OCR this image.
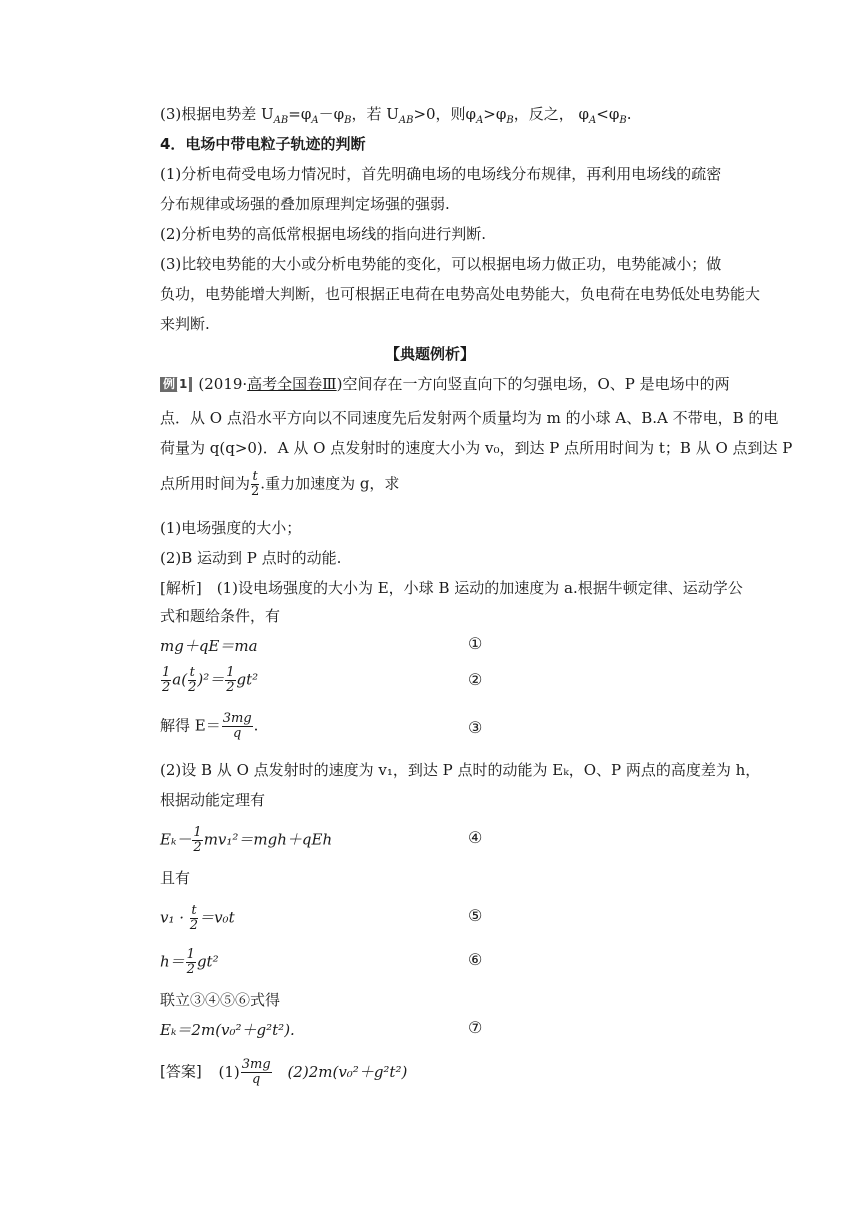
(3)根据电势差 $U_{AB}=\varphi_A-\varphi_B$，若 $U_{AB}>0$，则$\varphi_A>\varphi_B$，反之， $\varphi_A<\varphi_B$.
4．电场中带电粒子轨迹的判断
(1)分析电荷受电场力情况时，首先明确电场的电场线分布规律，再利用电场线的疏密
分布规律或场强的叠加原理判定场强的强弱.
(2)分析电势的高低常根据电场线的指向进行判断.
(3)比较电势能的大小或分析电势能的变化，可以根据电场力做正功，电势能减小；做
负功，电势能增大判断，也可根据正电荷在电势高处电势能大，负电荷在电势低处电势能大
来判断.
【典题例析】
例 1 (2019·高考全国卷Ⅲ)空间存在一方向竖直向下的匀强电场，O、P 是电场中的两
点．从 O 点沿水平方向以不同速度先后发射两个质量均为 m 的小球 A、B.A 不带电，B 的电
荷量为 q(q>0)．A 从 O 点发射时的速度大小为 v₀，到达 P 点所用时间为 t；B 从 O 点到达 P
点所用时间为 $\frac{t}{2}$ .重力加速度为 g，求
(1)电场强度的大小；
(2)B 运动到 P 点时的动能.
[解析]　(1)设电场强度的大小为 E，小球 B 运动的加速度为 a.根据牛顿定律、运动学公
式和题给条件，有
mg＋qE＝ma	①
$\frac{1}{2} a( \frac{t}{2} )^2= \frac{1}{2} gt^2$	②
解得 $E= \frac{3mg}{q}$ .	③
(2)设 B 从 O 点发射时的速度为 v₁，到达 P 点时的动能为 Eₖ，O、P 两点的高度差为 h，
根据动能定理有
$E_k- \frac{1}{2} mv_1^2=mgh+qEh$	④
且有
$v_1 \cdot \frac{t}{2} =v_0t$	⑤
$h= \frac{1}{2} gt^2$	⑥
联立③④⑤⑥式得
Eₖ＝2m(v₀²＋g²t²).	⑦
[答案] $(1) \frac{3mg}{q} (2)2m(v_0^2+g^2t^2)$
